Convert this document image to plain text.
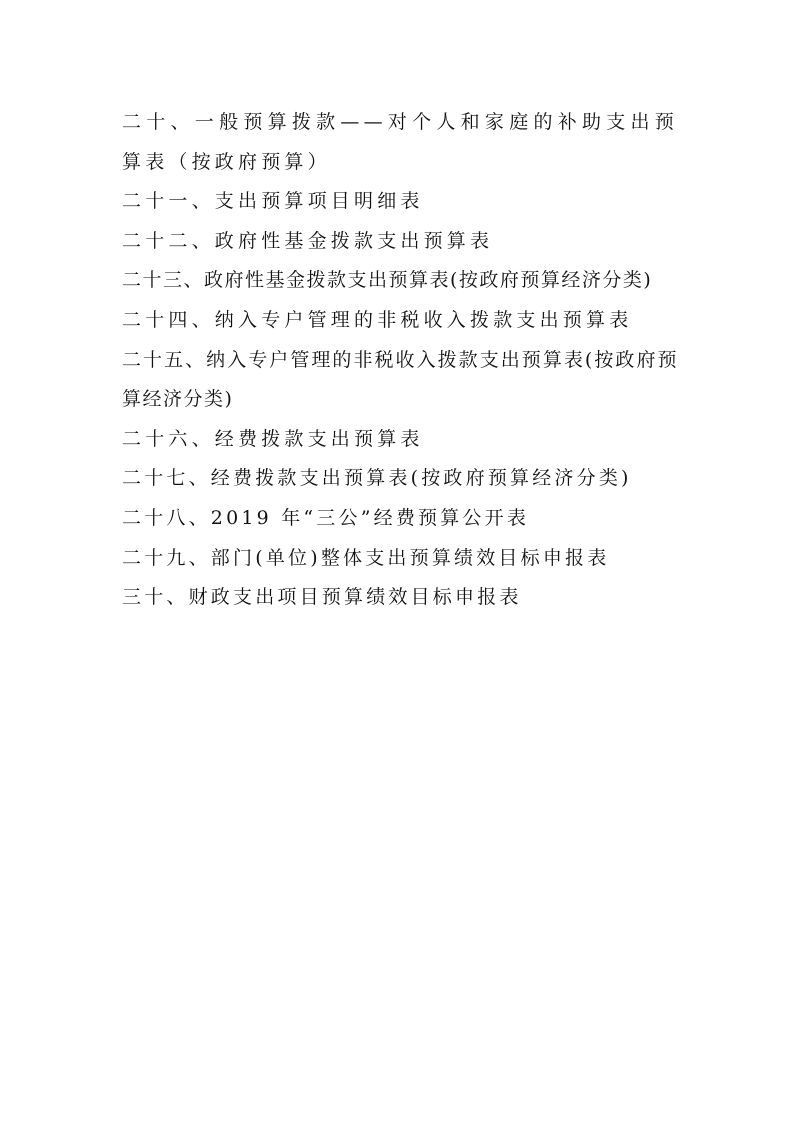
二十、一般预算拨款——对个人和家庭的补助支出预算表（按政府预算）
二十一、支出预算项目明细表
二十二、政府性基金拨款支出预算表
二十三、政府性基金拨款支出预算表(按政府预算经济分类)
二十四、纳入专户管理的非税收入拨款支出预算表
二十五、纳入专户管理的非税收入拨款支出预算表(按政府预算经济分类)
二十六、经费拨款支出预算表
二十七、经费拨款支出预算表(按政府预算经济分类)
二十八、2019 年“三公”经费预算公开表
二十九、部门(单位)整体支出预算绩效目标申报表
三十、财政支出项目预算绩效目标申报表
